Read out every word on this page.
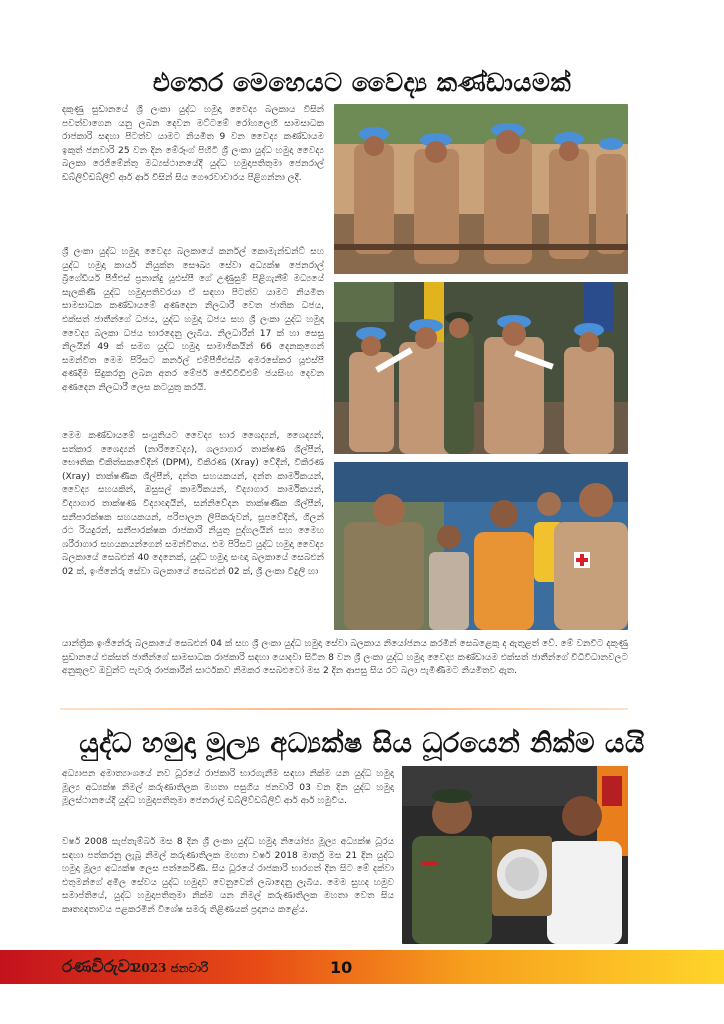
එතෙර මෙහෙයට වෛද්‍ය කණ්ඩායමක්

දකුණු සුඩානයේ ශ්‍රී ලංකා යුද්ධ හමුදා වෛද්‍ය බලකාය විසින් පවත්වාගෙන යනු ලබන දෙවන මට්ටමේ රෝහලෙහි සාමසාධක රාජකාරි සඳහා පිටත්ව යාමට නියමිත 9 වන වෛද්‍ය කණ්ඩායම ඉකුත් ජනවාරි 25 වන දින මේරූංග් පිහිටි ශ්‍රී ලංකා යුද්ධ හමුදා වෛද්‍ය බලකා රෙජිමේන්තු මධ්‍යස්ථානයේදී යුද්ධ හමුදාපතිතුමා ජෙනරාල් ඩබ්ලිව්ඩබ්ලිව් ආර් ආර් විසින් සිය ගෞරවාචාරය පිළිගන්නා ලදී.

ශ්‍රී ලංකා යුද්ධ හමුදා වෛද්‍ය බලකායේ කර්නල් කොමැන්ඩන්ට් සහ යුද්ධ හමුදා කාර්ය නියුක්ත සෞඛ්‍ය සේවා අධ්‍යක්ෂ ජෙනරාල් බ්‍රිගේඩියර් පීජීඑස් ප්‍රනාන්දු යූඑස්පී ගේ උණුසුම් පිළිගැනීම් මධ්‍යයේ සැලකිණි යුද්ධ හමුදාපතිවරයා ඒ සඳහා පිටත්ව යාමට නියමිත සාමසාධක කණ්ඩායමේ අණදෙන නිලධාරී වෙත ජාතික ධජය, එක්සත් ජාතීන්ගේ ධජය, යුද්ධ හමුදා ධජය සහ ශ්‍රී ලංකා යුද්ධ හමුදා වෛද්‍ය බලකා ධජය භාරදෙනු ලැබීය. නිලධාරීන් 17 ක් හා සෙසු නිලයින් 49 ක් සමග යුද්ධ හමුදා සාමාජිකයින් 66 දෙනකුගෙන් සමන්විත මෙම පිරිසට කර්නල් එම්පීජීඑස්බී අමරසේකර යූඑස්පී අණදීම සිදුකරනු ලබන අතර මේජර් ජේඩීවිඩීඑම් ජයසිංහ දෙවන අණදෙන නිලධාරී ලෙස කටයුතු කරයි.

මෙම කණ්ඩායමේ සංයුතියට වෛද්‍ය භාර ශෛද්‍යන්, ශෛද්‍යන්, සත්කාර ශෛද්‍යන් (නාරිවෛද්‍ය), ශල්‍යාගාර තාක්ෂණ ශිල්පීන්, භෞතික චිකිත්සකවේදීන් (DPM), විකිරණ (Xray) වේදීන්, විකිරණ (Xray) තාක්ෂණික ශිල්පීන්, දන්ත සහයකයන්, දන්ත කාර්මිකයන්, වෛද්‍ය සහයකින්, ඔසුසල් කාර්මිකයන්, විද්‍යාගාර කාර්මිකයන්, විද්‍යාගාර තාක්ෂණ විද්‍යාඥයින්, සන්නිවේදන තාක්ෂණික ශිල්පීන්, සනීපාරක්ෂක සහයකයන්, පරිපාලන ලිපිකරුවන්, සූපවේදීන්, ගිලන් රථ රියදුරන්, සනීපාරක්ෂක රාජකාරි නියුතු පුද්ගලයින් සහ මෛහ ශරීරාගාර සහයකයන්ගෙන් සමන්විතය. එම පිරිසට යුද්ධ හමුදා වෛද්‍ය බලකායේ සෙබළුන් 40 දෙනෙක්, යුද්ධ හමුදා සංඥා බලකායේ සෙබළුන් 02 ක්, ඉංජිනේරු සේවා බලකායේ සෙබළුන් 02 ක්, ශ්‍රී ලංකා විදුලි හා

යාන්ත්‍රික ඉංජිනේරු බලකායේ සෙබළුන් 04 ක් සහ ශ්‍රී ලංකා යුද්ධ හමුදා සේවා බලකාය නියෝජනය කරමින් සෙබළෙකු ද ඇතුළත් වේ. මේ වනවිට දකුණු සුඩානයේ එක්සත් ජාතීන්ගේ සාමසාධක රාජකාරි සඳහා යොදවා සිටින 8 වන ශ්‍රී ලංකා යුද්ධ හමුදා වෛද්‍ය කණ්ඩායම එක්සත් ජාතීන්ගේ විධිවිධානවලට අනුකූලව ඔවුන්ට පැවරූ රාජකාරීන් සාර්ථකව නිමකර සෙබළුවෝ මස 2 දින ආපසු සිය රට බලා පැමිණීමට නියමිතව ඇත.

යුද්ධ හමුදා මූල්‍ය අධ්‍යක්ෂ සිය ධූරයෙන් නික්ම යයි

අධ්‍යාපන අමාත්‍යාංශයේ නව ධූරයේ රාජකාරි භාරගැනීම සඳහා නික්ම යන යුද්ධ හමුදා මූල්‍ය අධ්‍යක්ෂ නිමල් කරුණාතිලක මහතා පසුගිය ජනවාරි 03 වන දින යුද්ධ හමුදා මූලස්ථානයේදී යුද්ධ හමුදාපතිතුමා ජෙනරාල් ඩබ්ලිව්ඩබ්ලිව් ආර් ආර් හමුවිය.

වර්ෂ 2008 සැප්තැම්බර් මස 8 දින ශ්‍රී ලංකා යුද්ධ හමුදා නියෝජ්‍ය මූල්‍ය අධ්‍යක්ෂ ධූරය සඳහා පත්කරනු ලැබූ නිමල් කරුණාතිලක මහතා වර්ෂ 2018 මාර්තු මස 21 දින යුද්ධ හමුදා මූල්‍ය අධ්‍යක්ෂ ලෙස පත්කෙරිණි. සිය ධූරයේ රාජකාරි භාරගත් දින සිට මේ දක්වා එතුමන්ගේ අමිල සේවය යුද්ධ හමුදාව වෙනුවෙන් ලබාදෙනු ලැබිය. මෙම සුහද හමුව සමාප්තියේ, යුද්ධ හමුදාපතිතුමා නික්ම යන නිමල් කරුණාතිලක මහතා වෙත සිය කෘතඥතාවය පළකරමින් විශේෂ සමරු තිළිණයක් ප්‍රදානය කළේය.

රණවිරුවා
2023 ජනවාරි	10
